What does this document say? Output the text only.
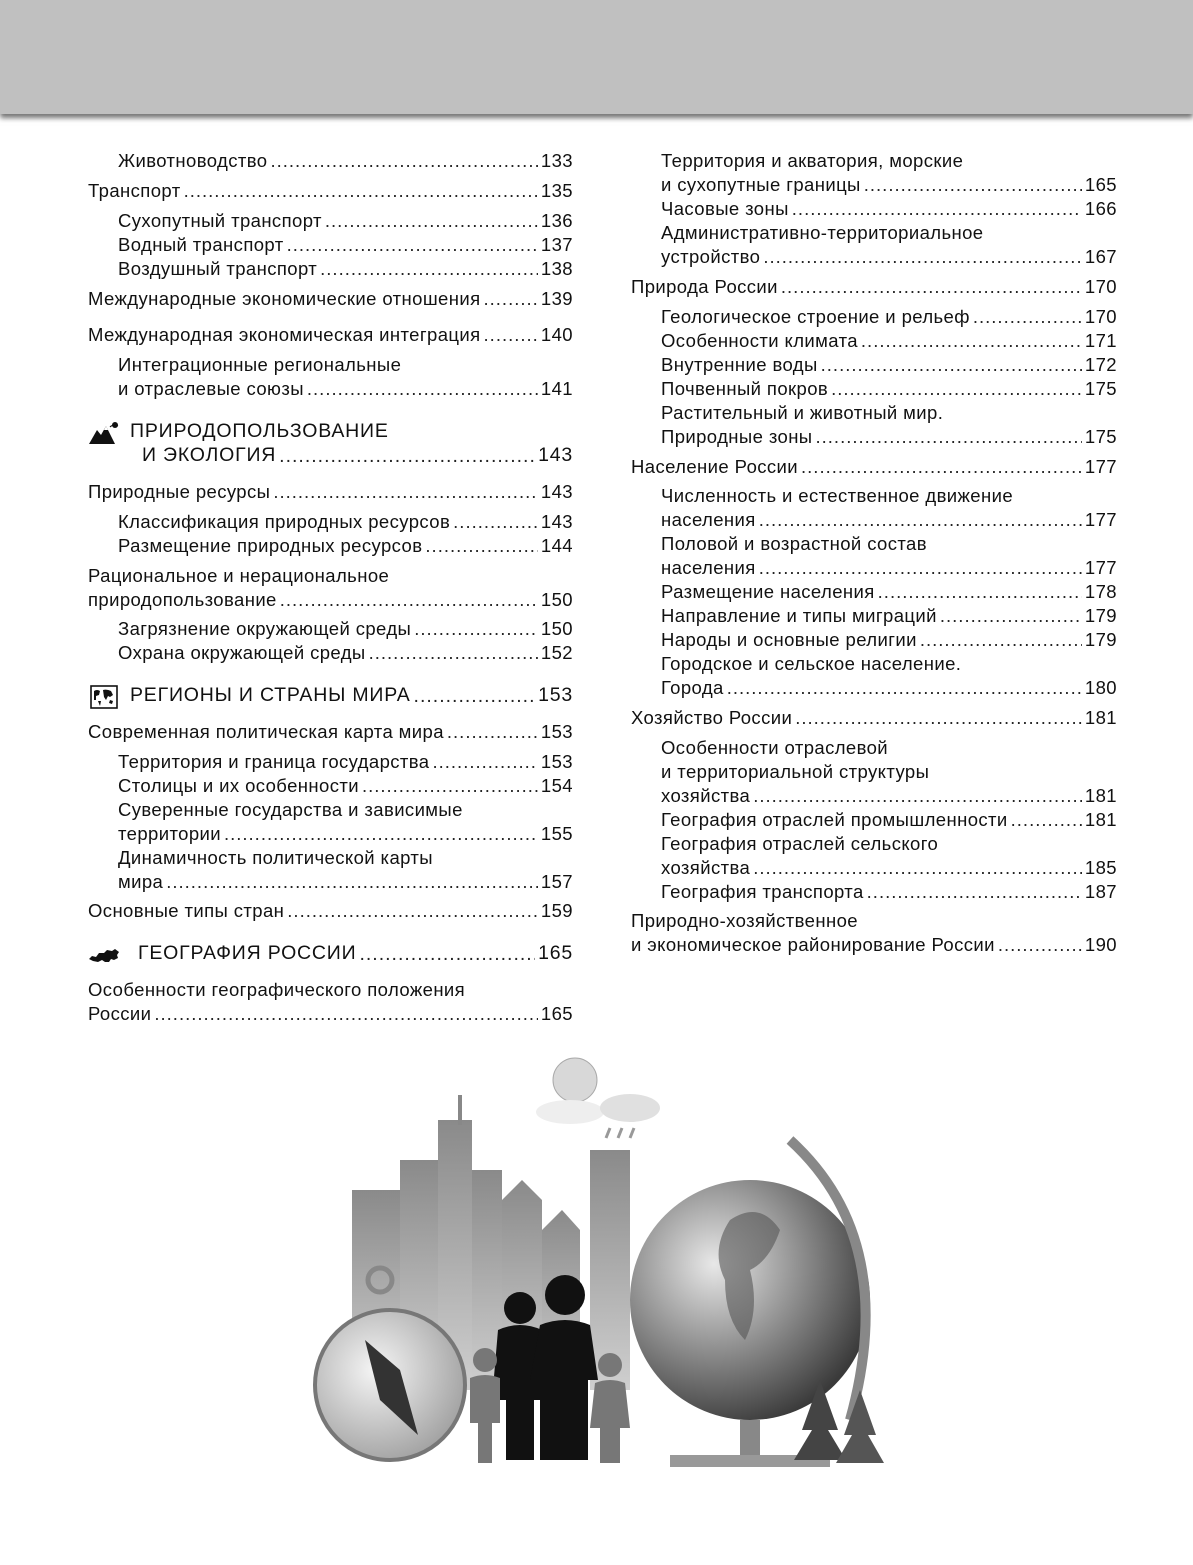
Животноводство .....	133
Транспорт .....	135
Сухопутный транспорт .....	136
Водный транспорт .....	137
Воздушный транспорт .....	138
Международные экономические отношения .....	139
Международная экономическая интеграция .....	140
Интеграционные региональные
и отраслевые союзы .....	141
ПРИРОДОПОЛЬЗОВАНИЕ
И ЭКОЛОГИЯ .....	143
Природные ресурсы .....	143
Классификация природных ресурсов .....	143
Размещение природных ресурсов .....	144
Рациональное и нерациональное
природопользование .....	150
Загрязнение окружающей среды .....	150
Охрана окружающей среды .....	152
РЕГИОНЫ И СТРАНЫ МИРА .....	153
Современная политическая карта мира .....	153
Территория и граница государства .....	153
Столицы и их особенности .....	154
Суверенные государства и зависимые
территории .....	155
Динамичность политической карты
мира .....	157
Основные типы стран .....	159
ГЕОГРАФИЯ РОССИИ .....	165
Особенности географического положения
России .....	165
Территория и акватория, морские
и сухопутные границы .....	165
Часовые зоны .....	166
Административно-территориальное
устройство .....	167
Природа России .....	170
Геологическое строение и рельеф .....	170
Особенности климата .....	171
Внутренние воды .....	172
Почвенный покров .....	175
Растительный и животный мир.
Природные зоны .....	175
Население России .....	177
Численность и естественное движение
населения .....	177
Половой и возрастной состав
населения .....	177
Размещение населения .....	178
Направление и типы миграций .....	179
Народы и основные религии .....	179
Городское и сельское население.
Города .....	180
Хозяйство России .....	181
Особенности отраслевой
и территориальной структуры
хозяйства .....	181
География отраслей промышленности .....	181
География отраслей сельского
хозяйства .....	185
География транспорта .....	187
Природно-хозяйственное
и экономическое районирование России .....	190
